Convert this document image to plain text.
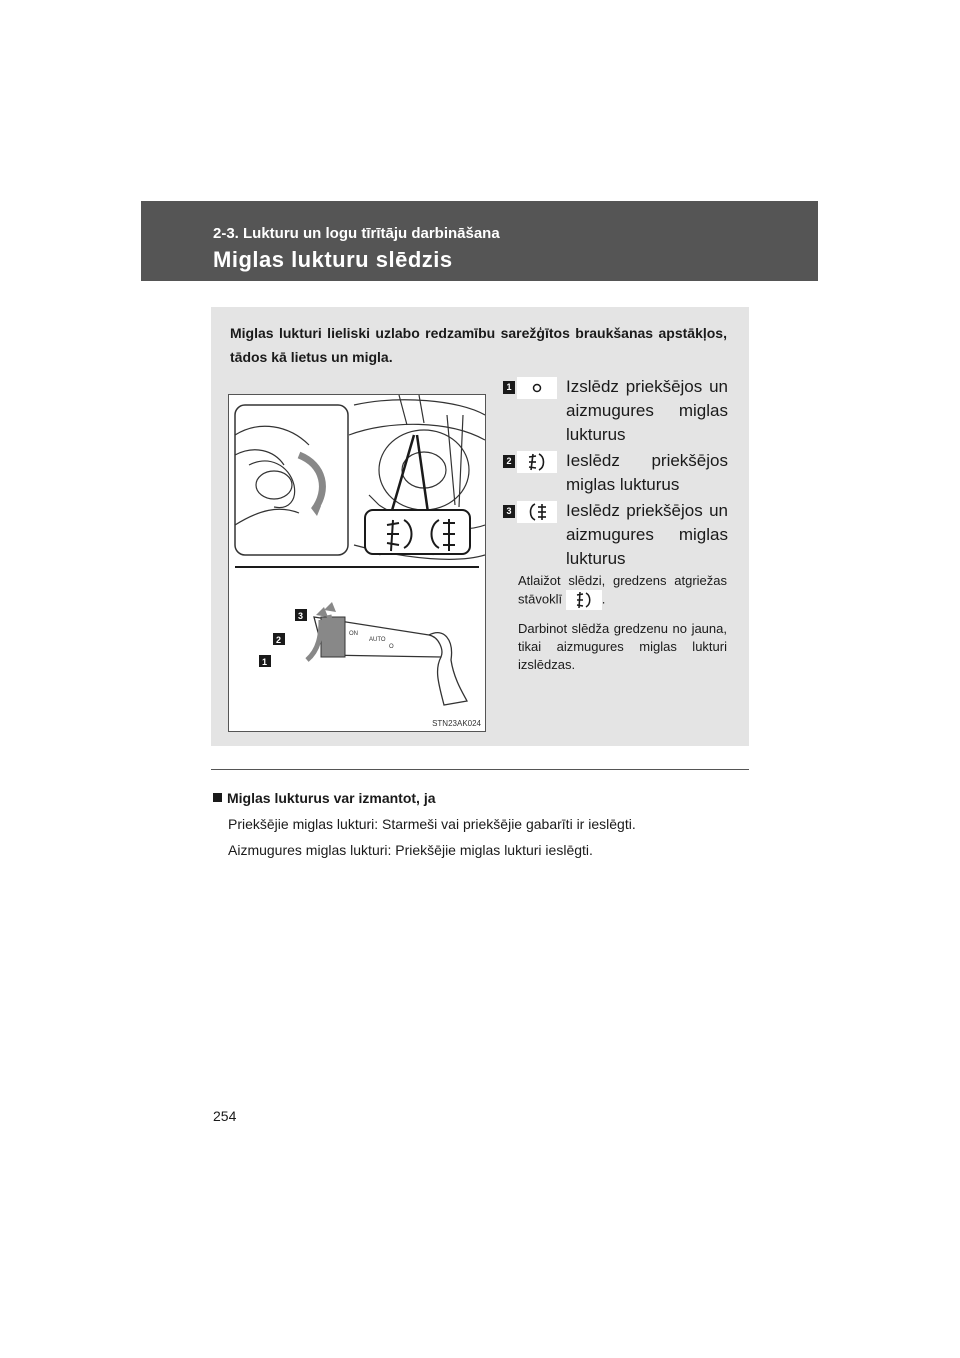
2-3. Lukturu un logu tīrītāju darbināšana
Miglas lukturu slēdzis
Miglas lukturi lieliski uzlabo redzamību sarežģītos braukšanas apstākļos, tādos kā lietus un migla.
ON
AUTO
O
3
2
1
STN23AK024
1	Izslēdz priekšējos un aizmugures miglas lukturus
2	Ieslēdz priekšējos miglas lukturus
3	Ieslēdz priekšējos un aizmugures miglas lukturus
Atlaižot slēdzi, gredzens atgriežas stāvoklī	.
Darbinot slēdža gredzenu no jauna, tikai aizmugures miglas lukturi izslēdzas.
Miglas lukturus var izmantot, ja
Priekšējie miglas lukturi: Starmeši vai priekšējie gabarīti ir ieslēgti.
Aizmugures miglas lukturi: Priekšējie miglas lukturi ieslēgti.
254
